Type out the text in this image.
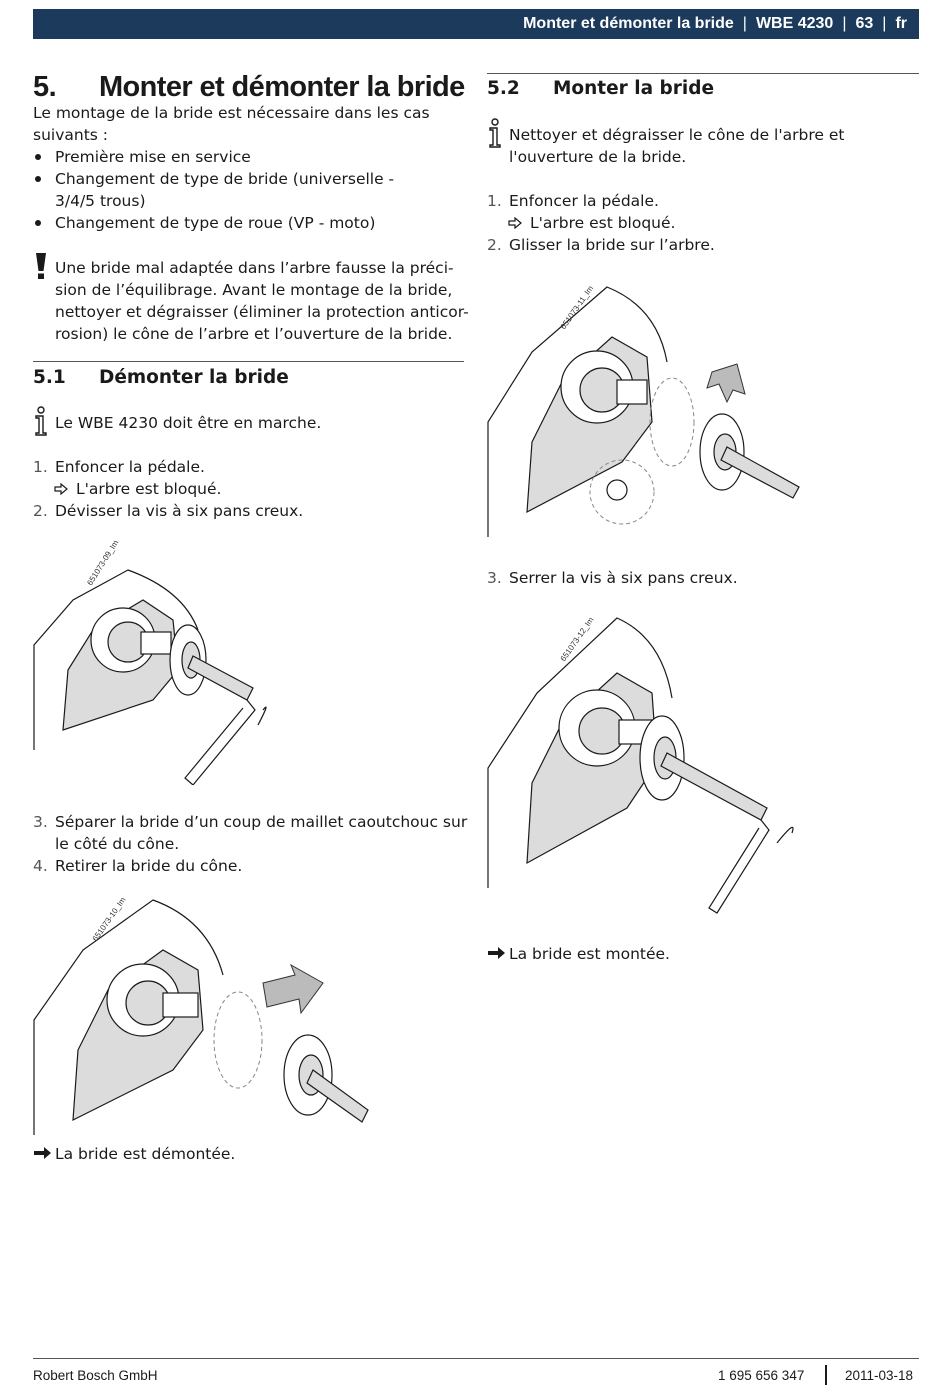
Monter et démonter la bride | WBE 4230 | 63 | fr
5. Monter et démonter la bride
Le montage de la bride est nécessaire dans les cas
suivants :
Première mise en service
Changement de type de bride (universelle -
3/4/5 trous)
Changement de type de roue (VP - moto)
Une bride mal adaptée dans l’arbre fausse la préci-
sion de l’équilibrage. Avant le montage de la bride,
nettoyer et dégraisser (éliminer la protection anticor-
rosion) le cône de l’arbre et l’ouverture de la bride.
5.1 Démonter la bride
Le WBE 4230 doit être en marche.
1. Enfoncer la pédale.
L'arbre est bloqué.
2. Dévisser la vis à six pans creux.
651073-09_Im
3. Séparer la bride d’un coup de maillet caoutchouc sur
le côté du cône.
4. Retirer la bride du cône.
651073-10_Im
La bride est démontée.
5.2 Monter la bride
Nettoyer et dégraisser le cône de l'arbre et
l'ouverture de la bride.
1. Enfoncer la pédale.
L'arbre est bloqué.
2. Glisser la bride sur l’arbre.
651073-11_Im
3. Serrer la vis à six pans creux.
651073-12_Im
La bride est montée.
Robert Bosch GmbH	1 695 656 347	2011-03-18
